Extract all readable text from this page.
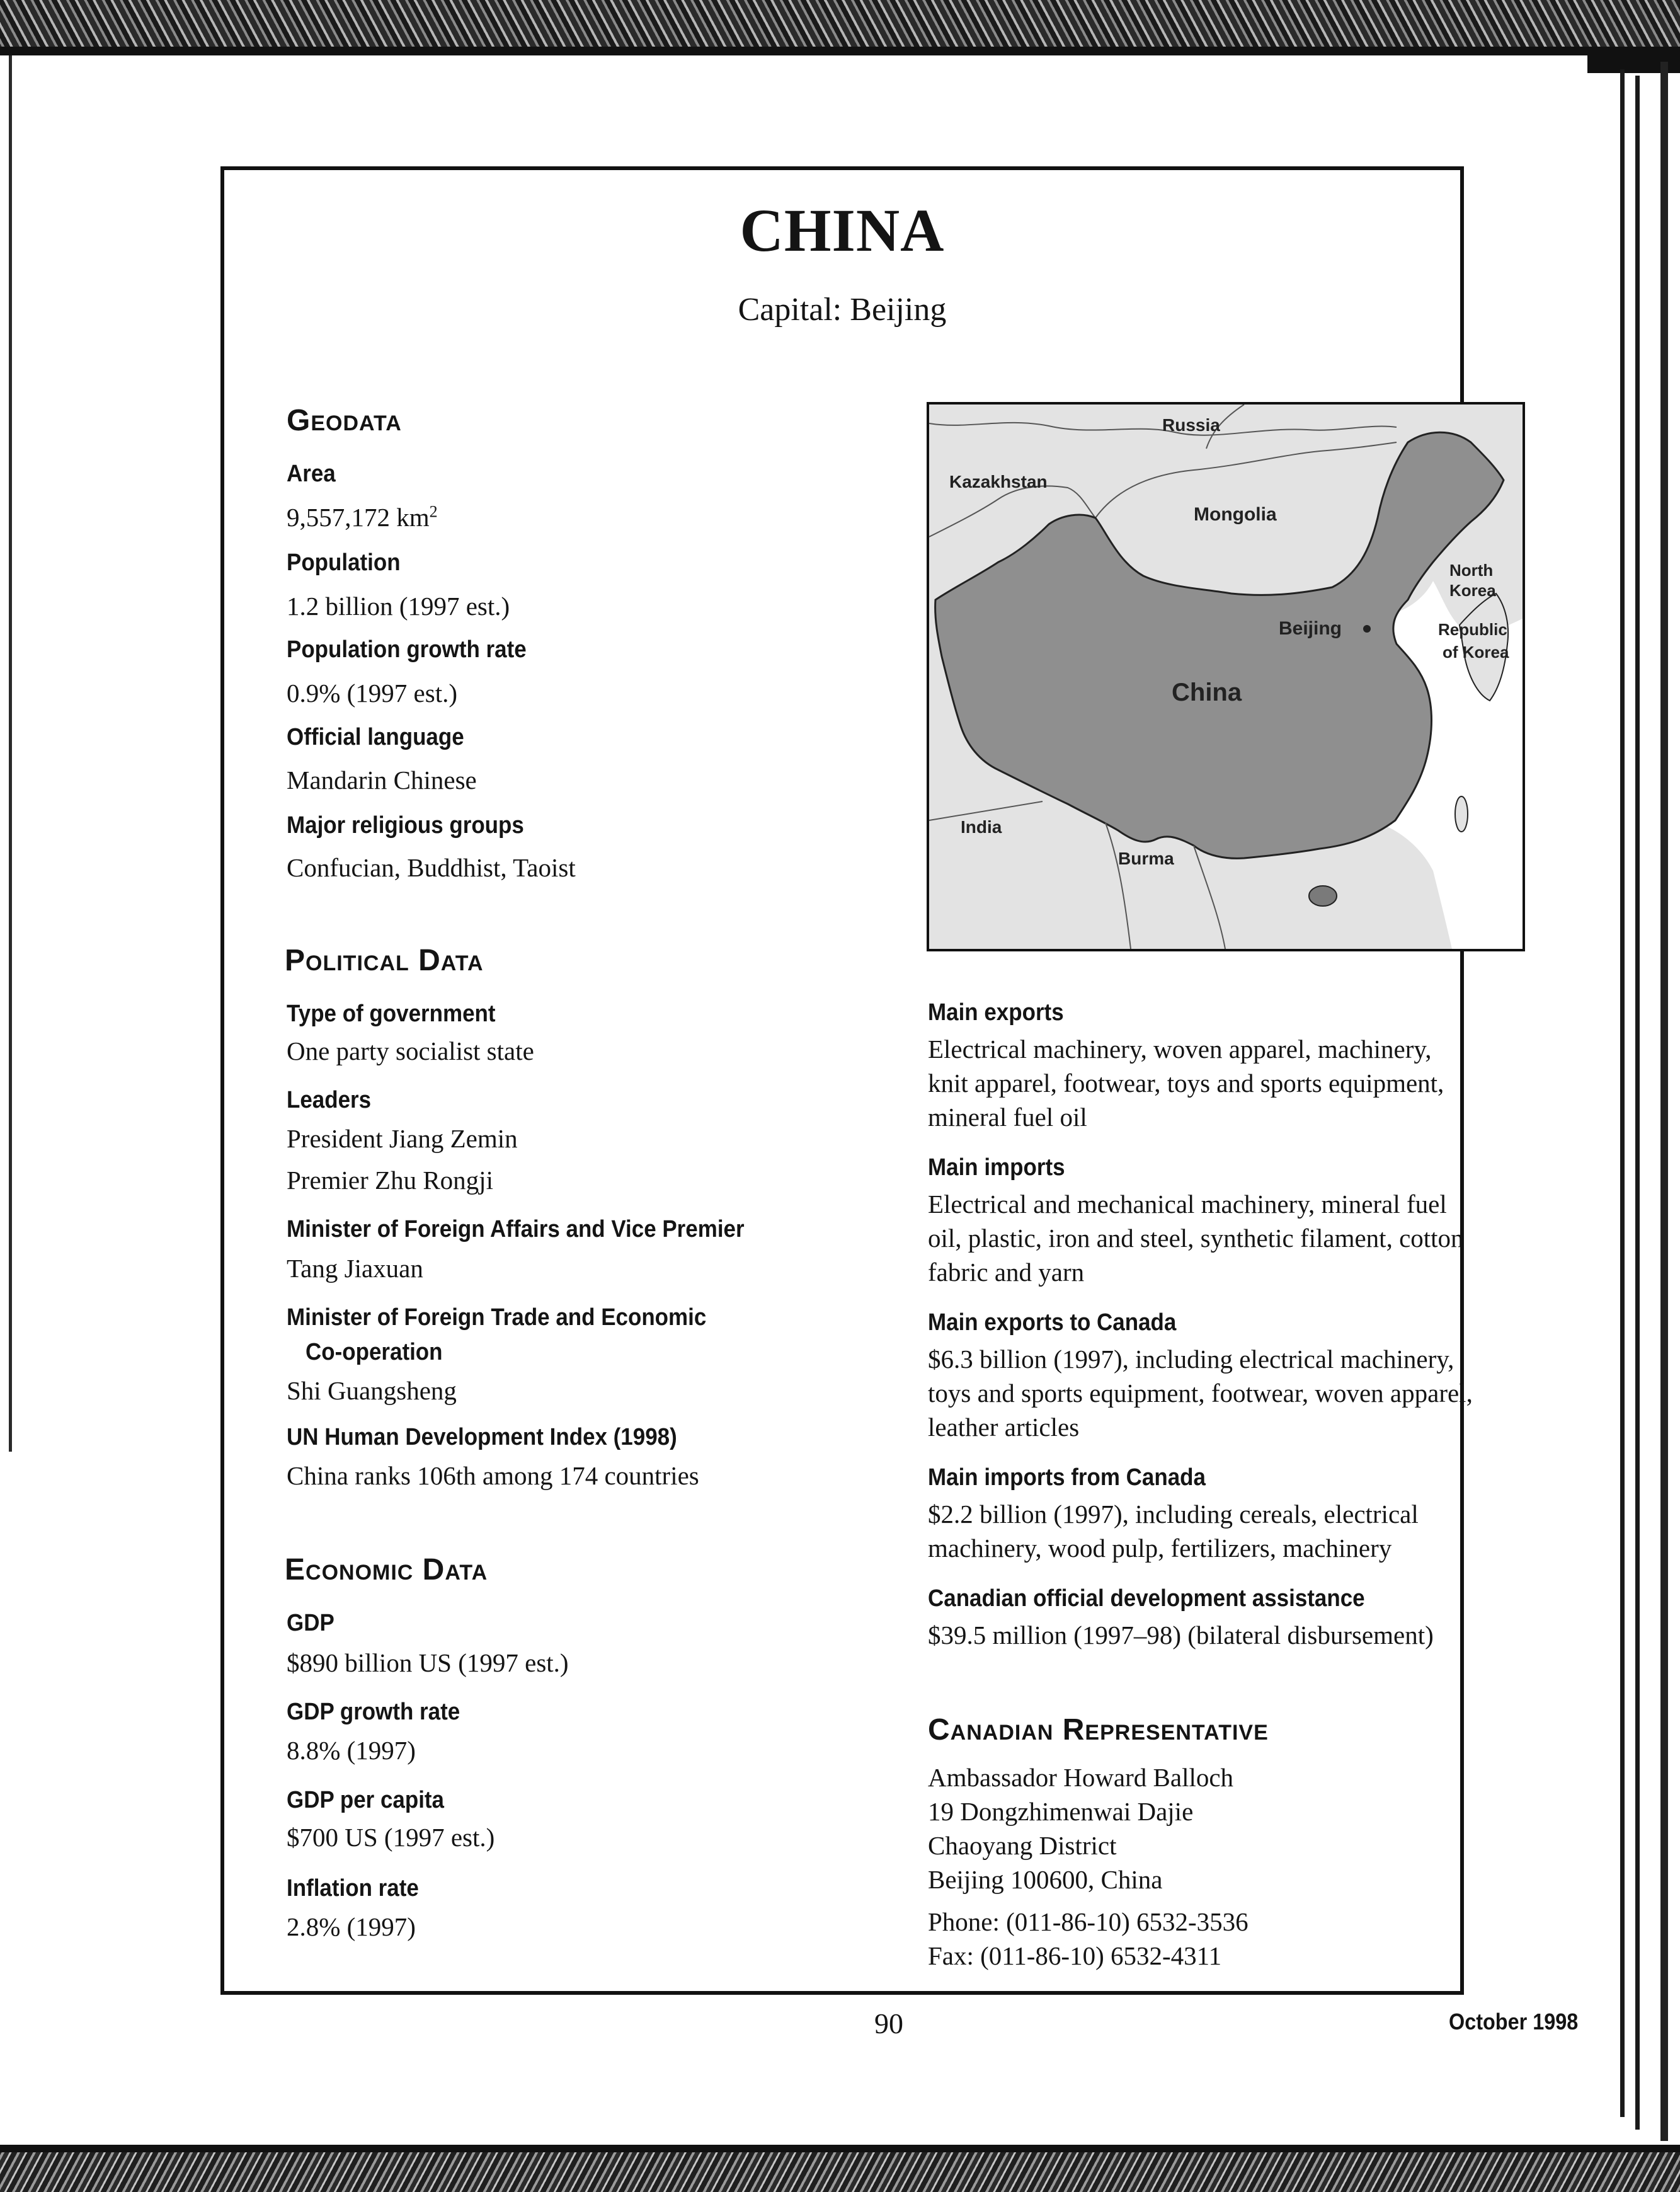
CHINA
Capital: Beijing
Geodata
Area
9,557,172 $km^2$
Population
1.2 billion (1997 est.)
Population growth rate
0.9% (1997 est.)
Official language
Mandarin Chinese
Major religious groups
Confucian, Buddhist, Taoist
Political Data
Type of government
One party socialist state
Leaders
President Jiang Zemin
Premier Zhu Rongji
Minister of Foreign Affairs and Vice Premier
Tang Jiaxuan
Minister of Foreign Trade and Economic
Co-operation
Shi Guangsheng
UN Human Development Index (1998)
China ranks 106th among 174 countries
Economic Data
GDP
$890 billion US (1997 est.)
GDP growth rate
8.8% (1997)
GDP per capita
$700 US (1997 est.)
Inflation rate
2.8% (1997)
Russia
Kazakhstan
Mongolia
Beijing
China
North
Korea
Republic
of Korea
India
Burma
Main exports
Electrical machinery, woven apparel, machinery,
knit apparel, footwear, toys and sports equipment,
mineral fuel oil
Main imports
Electrical and mechanical machinery, mineral fuel
oil, plastic, iron and steel, synthetic filament, cotton
fabric and yarn
Main exports to Canada
$6.3 billion (1997), including electrical machinery,
toys and sports equipment, footwear, woven apparel,
leather articles
Main imports from Canada
$2.2 billion (1997), including cereals, electrical
machinery, wood pulp, fertilizers, machinery
Canadian official development assistance
$39.5 million (1997–98) (bilateral disbursement)
Canadian Representative
Ambassador Howard Balloch
19 Dongzhimenwai Dajie
Chaoyang District
Beijing 100600, China
Phone: (011-86-10) 6532-3536
Fax: (011-86-10) 6532-4311
90	October 1998
